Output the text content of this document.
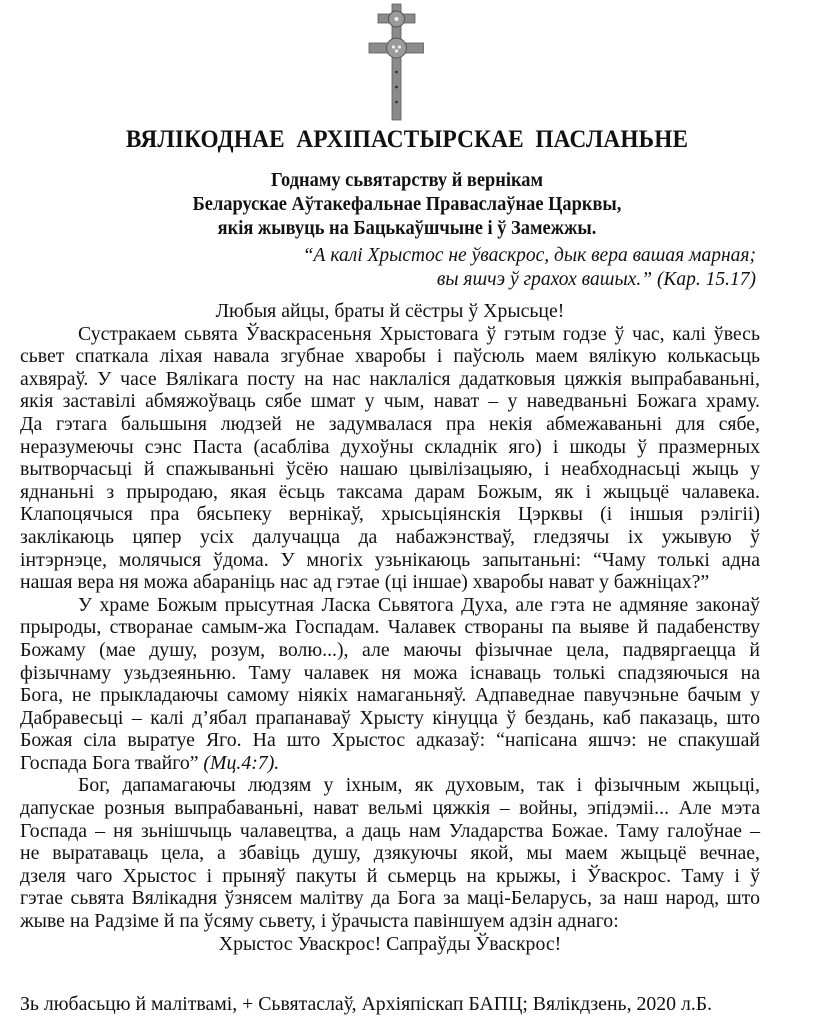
ВЯЛІКОДНАЕ АРХІПАСТЫРСКАЕ ПАСЛАНЬНЕ
Годнаму сьвятарству й вернікам
Беларускае Аўтакефальнае Праваслаўнае Царквы,
якія жывуць на Бацькаўшчыне і ў Замежжы.
“А калі Хрыстос не ўваскрос, дык вера вашая марная;
вы яшчэ ў грахох вашых.” (Кар. 15.17)
Любыя айцы, браты й сёстры ў Хрысьце!
Сустракаем сьвята Ўваскрасеньня Хрыстовага ў гэтым годзе ў час, калі ўвесь
сьвет спаткала ліхая навала згубнае хваробы і паўсюль маем вялікую колькасьць
ахвяраў. У часе Вялікага посту на нас наклаліся дадатковыя цяжкія выпрабаваньні,
якія заставілі абмяжоўваць сябе шмат у чым, нават – у наведваньні Божага храму.
Да гэтага бальшыня людзей не задумвалася пра некія абмежаваньні для сябе,
неразумеючы сэнс Паста (асабліва духоўны складнік яго) і шкоды ў празмерных
вытворчасьці й спажываньні ўсёю нашаю цывілізацыяю, і неабходнасьці жыць у
яднаньні з прыродаю, якая ёсьць таксама дарам Божым, як і жыцьцё чалавека.
Клапоцячыся пра бясьпеку вернікаў, хрысьціянскія Цэрквы (і іншыя рэлігіі)
заклікаюць цяпер усіх далучацца да набажэнстваў, гледзячы іх ужывую ў
інтэрнэце, молячыся ўдома. У многіх узьнікаюць запытаньні: “Чаму толькі адна
нашая вера ня можа абараніць нас ад гэтае (ці іншае) хваробы нават у бажніцах?”
У храме Божым прысутная Ласка Сьвятога Духа, але гэта не адмяняе законаў
прыроды, створанае самым-жа Госпадам. Чалавек створаны па выяве й падабенству
Божаму (мае душу, розум, волю...), але маючы фізычнае цела, падвяргаецца й
фізычнаму узьдзеяньню. Таму чалавек ня можа існаваць толькі спадзяючыся на
Бога, не прыкладаючы самому ніякіх намаганьняў. Адпаведнае павучэньне бачым у
Дабравесьці – калі д’ябал прапанаваў Хрысту кінуцца ў бездань, каб паказаць, што
Божая сіла выратуе Яго. На што Хрыстос адказаў: “напісана яшчэ: не спакушай
Госпада Бога твайго” (Мц.4:7).
Бог, дапамагаючы людзям у іхным, як духовым, так і фізычным жыцьці,
дапускае розныя выпрабаваньні, нават вельмі цяжкія – войны, эпідэміі... Але мэта
Госпада – ня зьнішчыць чалавецтва, а даць нам Уладарства Божае. Таму галоўнае –
не выратаваць цела, а збавіць душу, дзякуючы якой, мы маем жыцьцё вечнае,
дзеля чаго Хрыстос і прыняў пакуты й сьмерць на крыжы, і Ўваскрос. Таму і ў
гэтае сьвята Вялікадня ўзнясем малітву да Бога за маці-Беларусь, за наш народ, што
жыве на Радзіме й па ўсяму сьвету, і ўрачыста павіншуем адзін аднаго:
Хрыстос Уваскрос! Сапраўды Ўваскрос!
Зь любасьцю й малітвамі, + Сьвятаслаў, Архіяпіскап БАПЦ; Вялікдзень, 2020 л.Б.
